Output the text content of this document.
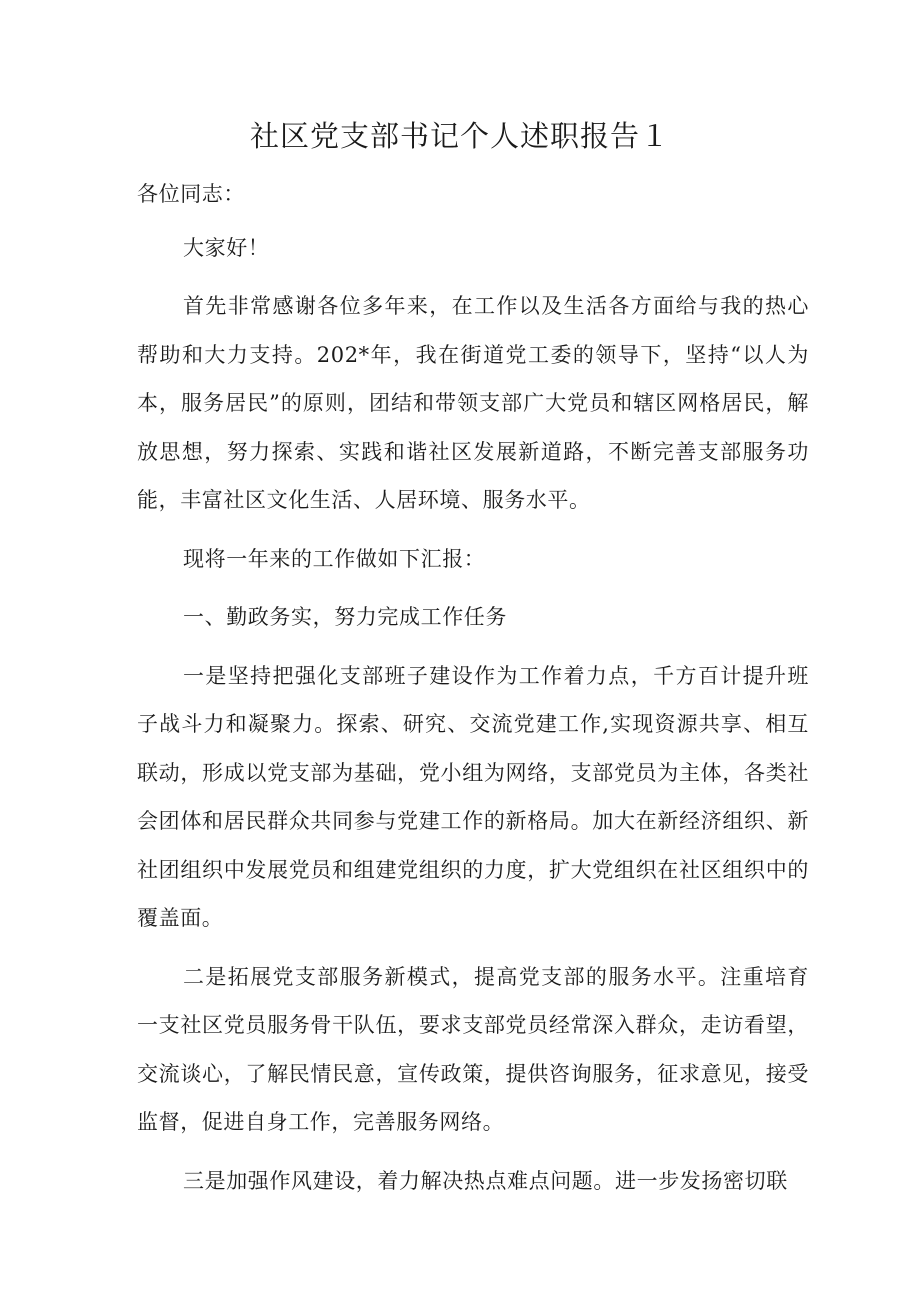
社区党支部书记个人述职报告１

各位同志：

大家好！

首先非常感谢各位多年来，在工作以及生活各方面给与我的热心帮助和大力支持。202*年，我在街道党工委的领导下，坚持“以人为本，服务居民”的原则，团结和带领支部广大党员和辖区网格居民，解放思想，努力探索、实践和谐社区发展新道路，不断完善支部服务功能，丰富社区文化生活、人居环境、服务水平。

现将一年来的工作做如下汇报：

一、勤政务实，努力完成工作任务

一是坚持把强化支部班子建设作为工作着力点，千方百计提升班子战斗力和凝聚力。探索、研究、交流党建工作,实现资源共享、相互联动，形成以党支部为基础，党小组为网络，支部党员为主体，各类社会团体和居民群众共同参与党建工作的新格局。加大在新经济组织、新社团组织中发展党员和组建党组织的力度，扩大党组织在社区组织中的覆盖面。

二是拓展党支部服务新模式，提高党支部的服务水平。注重培育一支社区党员服务骨干队伍，要求支部党员经常深入群众，走访看望，交流谈心，了解民情民意，宣传政策，提供咨询服务，征求意见，接受监督，促进自身工作，完善服务网络。

三是加强作风建设，着力解决热点难点问题。进一步发扬密切联
